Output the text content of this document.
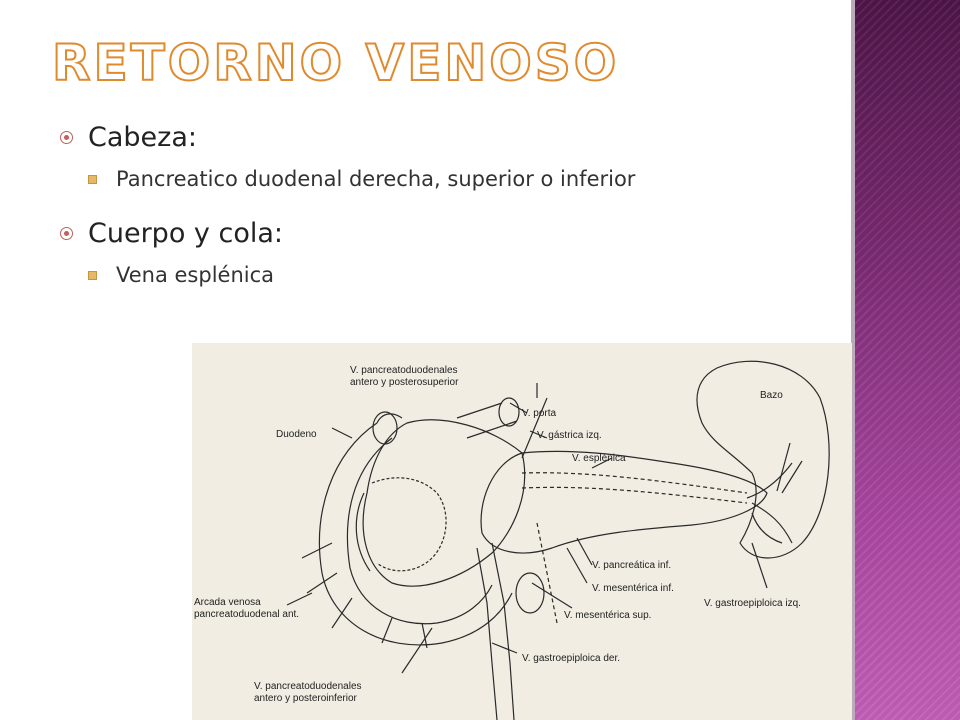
RETORNO VENOSO
Cabeza:
Pancreatico duodenal derecha, superior o inferior
Cuerpo y cola:
Vena esplénica
V. pancreatoduodenales
antero y posterosuperior
Duodeno
V. porta
V. gástrica izq.
V. esplénica
Bazo
V. pancreática inf.
V. mesentérica inf.
V. mesentérica sup.
V. gastroepiploica izq.
Arcada venosa
pancreatoduodenal ant.
V. gastroepiploica der.
V. pancreatoduodenales
antero y posteroinferior
